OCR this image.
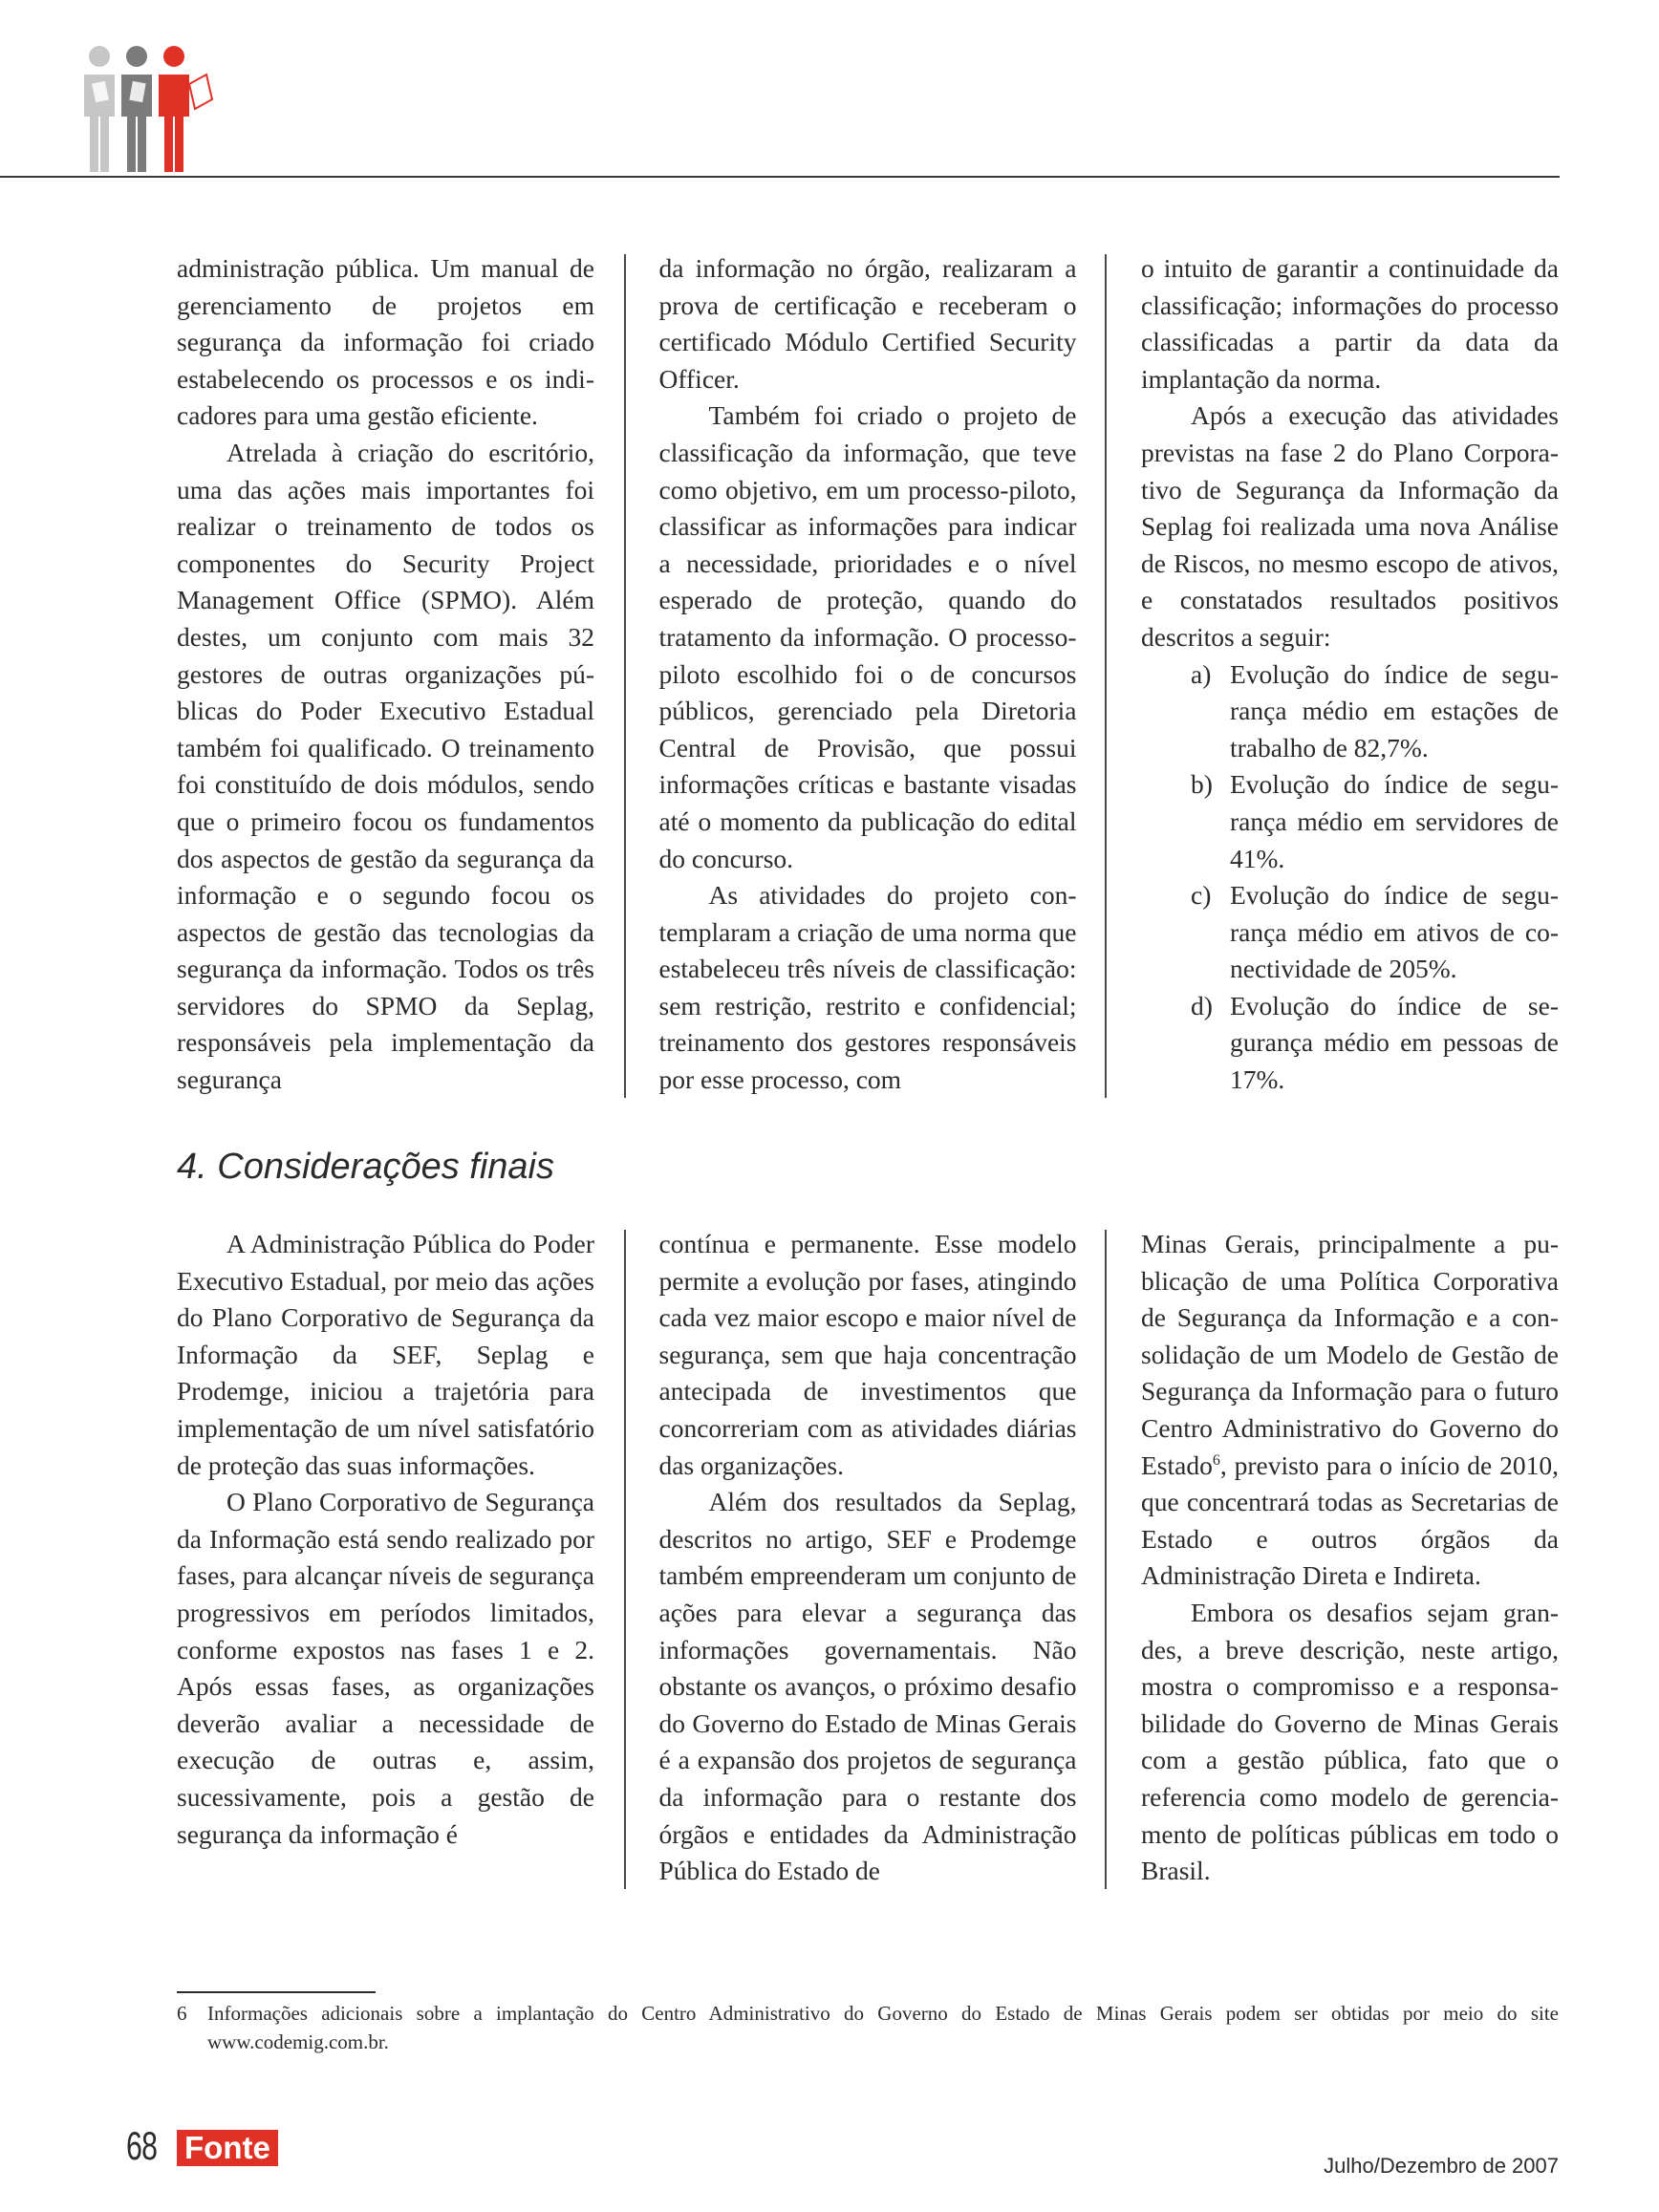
administração pública. Um manual de gerenciamento de projetos em segurança da informação foi criado estabelecendo os processos e os indicadores para uma gestão eficiente.

Atrelada à criação do escritório, uma das ações mais importantes foi realizar o treinamento de todos os componentes do Security Project Management Office (SPMO). Além destes, um conjunto com mais 32 gestores de outras organizações públicas do Poder Executivo Estadual também foi qualificado. O treinamento foi constituído de dois módulos, sendo que o primeiro focou os fundamentos dos aspectos de gestão da segurança da informação e o segundo focou os aspectos de gestão das tecnologias da segurança da informação. Todos os três servidores do SPMO da Seplag, responsáveis pela implementação da segurança

da informação no órgão, realizaram a prova de certificação e receberam o certificado Módulo Certified Security Officer.

Também foi criado o projeto de classificação da informação, que teve como objetivo, em um processo-piloto, classificar as informações para indicar a necessidade, prioridades e o nível esperado de proteção, quando do tratamento da informação. O processo-piloto escolhido foi o de concursos públicos, gerenciado pela Diretoria Central de Provisão, que possui informações críticas e bastante visadas até o momento da publicação do edital do concurso.

As atividades do projeto contemplaram a criação de uma norma que estabeleceu três níveis de classificação: sem restrição, restrito e confidencial; treinamento dos gestores responsáveis por esse processo, com

o intuito de garantir a continuidade da classificação; informações do processo classificadas a partir da data da implantação da norma.

Após a execução das atividades previstas na fase 2 do Plano Corporativo de Segurança da Informação da Seplag foi realizada uma nova Análise de Riscos, no mesmo escopo de ativos, e constatados resultados positivos descritos a seguir:

a) Evolução do índice de segurança médio em estações de trabalho de 82,7%.
b) Evolução do índice de segurança médio em servidores de 41%.
c) Evolução do índice de segurança médio em ativos de conectividade de 205%.
d) Evolução do índice de segurança médio em pessoas de 17%.
4. Considerações finais

A Administração Pública do Poder Executivo Estadual, por meio das ações do Plano Corporativo de Segurança da Informação da SEF, Seplag e Prodemge, iniciou a trajetória para implementação de um nível satisfatório de proteção das suas informações.

O Plano Corporativo de Segurança da Informação está sendo realizado por fases, para alcançar níveis de segurança progressivos em períodos limitados, conforme expostos nas fases 1 e 2. Após essas fases, as organizações deverão avaliar a necessidade de execução de outras e, assim, sucessivamente, pois a gestão de segurança da informação é

contínua e permanente. Esse modelo permite a evolução por fases, atingindo cada vez maior escopo e maior nível de segurança, sem que haja concentração antecipada de investimentos que concorreriam com as atividades diárias das organizações.

Além dos resultados da Seplag, descritos no artigo, SEF e Prodemge também empreenderam um conjunto de ações para elevar a segurança das informações governamentais. Não obstante os avanços, o próximo desafio do Governo do Estado de Minas Gerais é a expansão dos projetos de segurança da informação para o restante dos órgãos e entidades da Administração Pública do Estado de

Minas Gerais, principalmente a publicação de uma Política Corporativa de Segurança da Informação e a consolidação de um Modelo de Gestão de Segurança da Informação para o futuro Centro Administrativo do Governo do Estado$^6$, previsto para o início de 2010, que concentrará todas as Secretarias de Estado e outros órgãos da Administração Direta e Indireta.

Embora os desafios sejam grandes, a breve descrição, neste artigo, mostra o compromisso e a responsabilidade do Governo de Minas Gerais com a gestão pública, fato que o referencia como modelo de gerenciamento de políticas públicas em todo o Brasil.

6	Informações adicionais sobre a implantação do Centro Administrativo do Governo do Estado de Minas Gerais podem ser obtidas por meio do site www.codemig.com.br.

68 Fonte
Julho/Dezembro de 2007
